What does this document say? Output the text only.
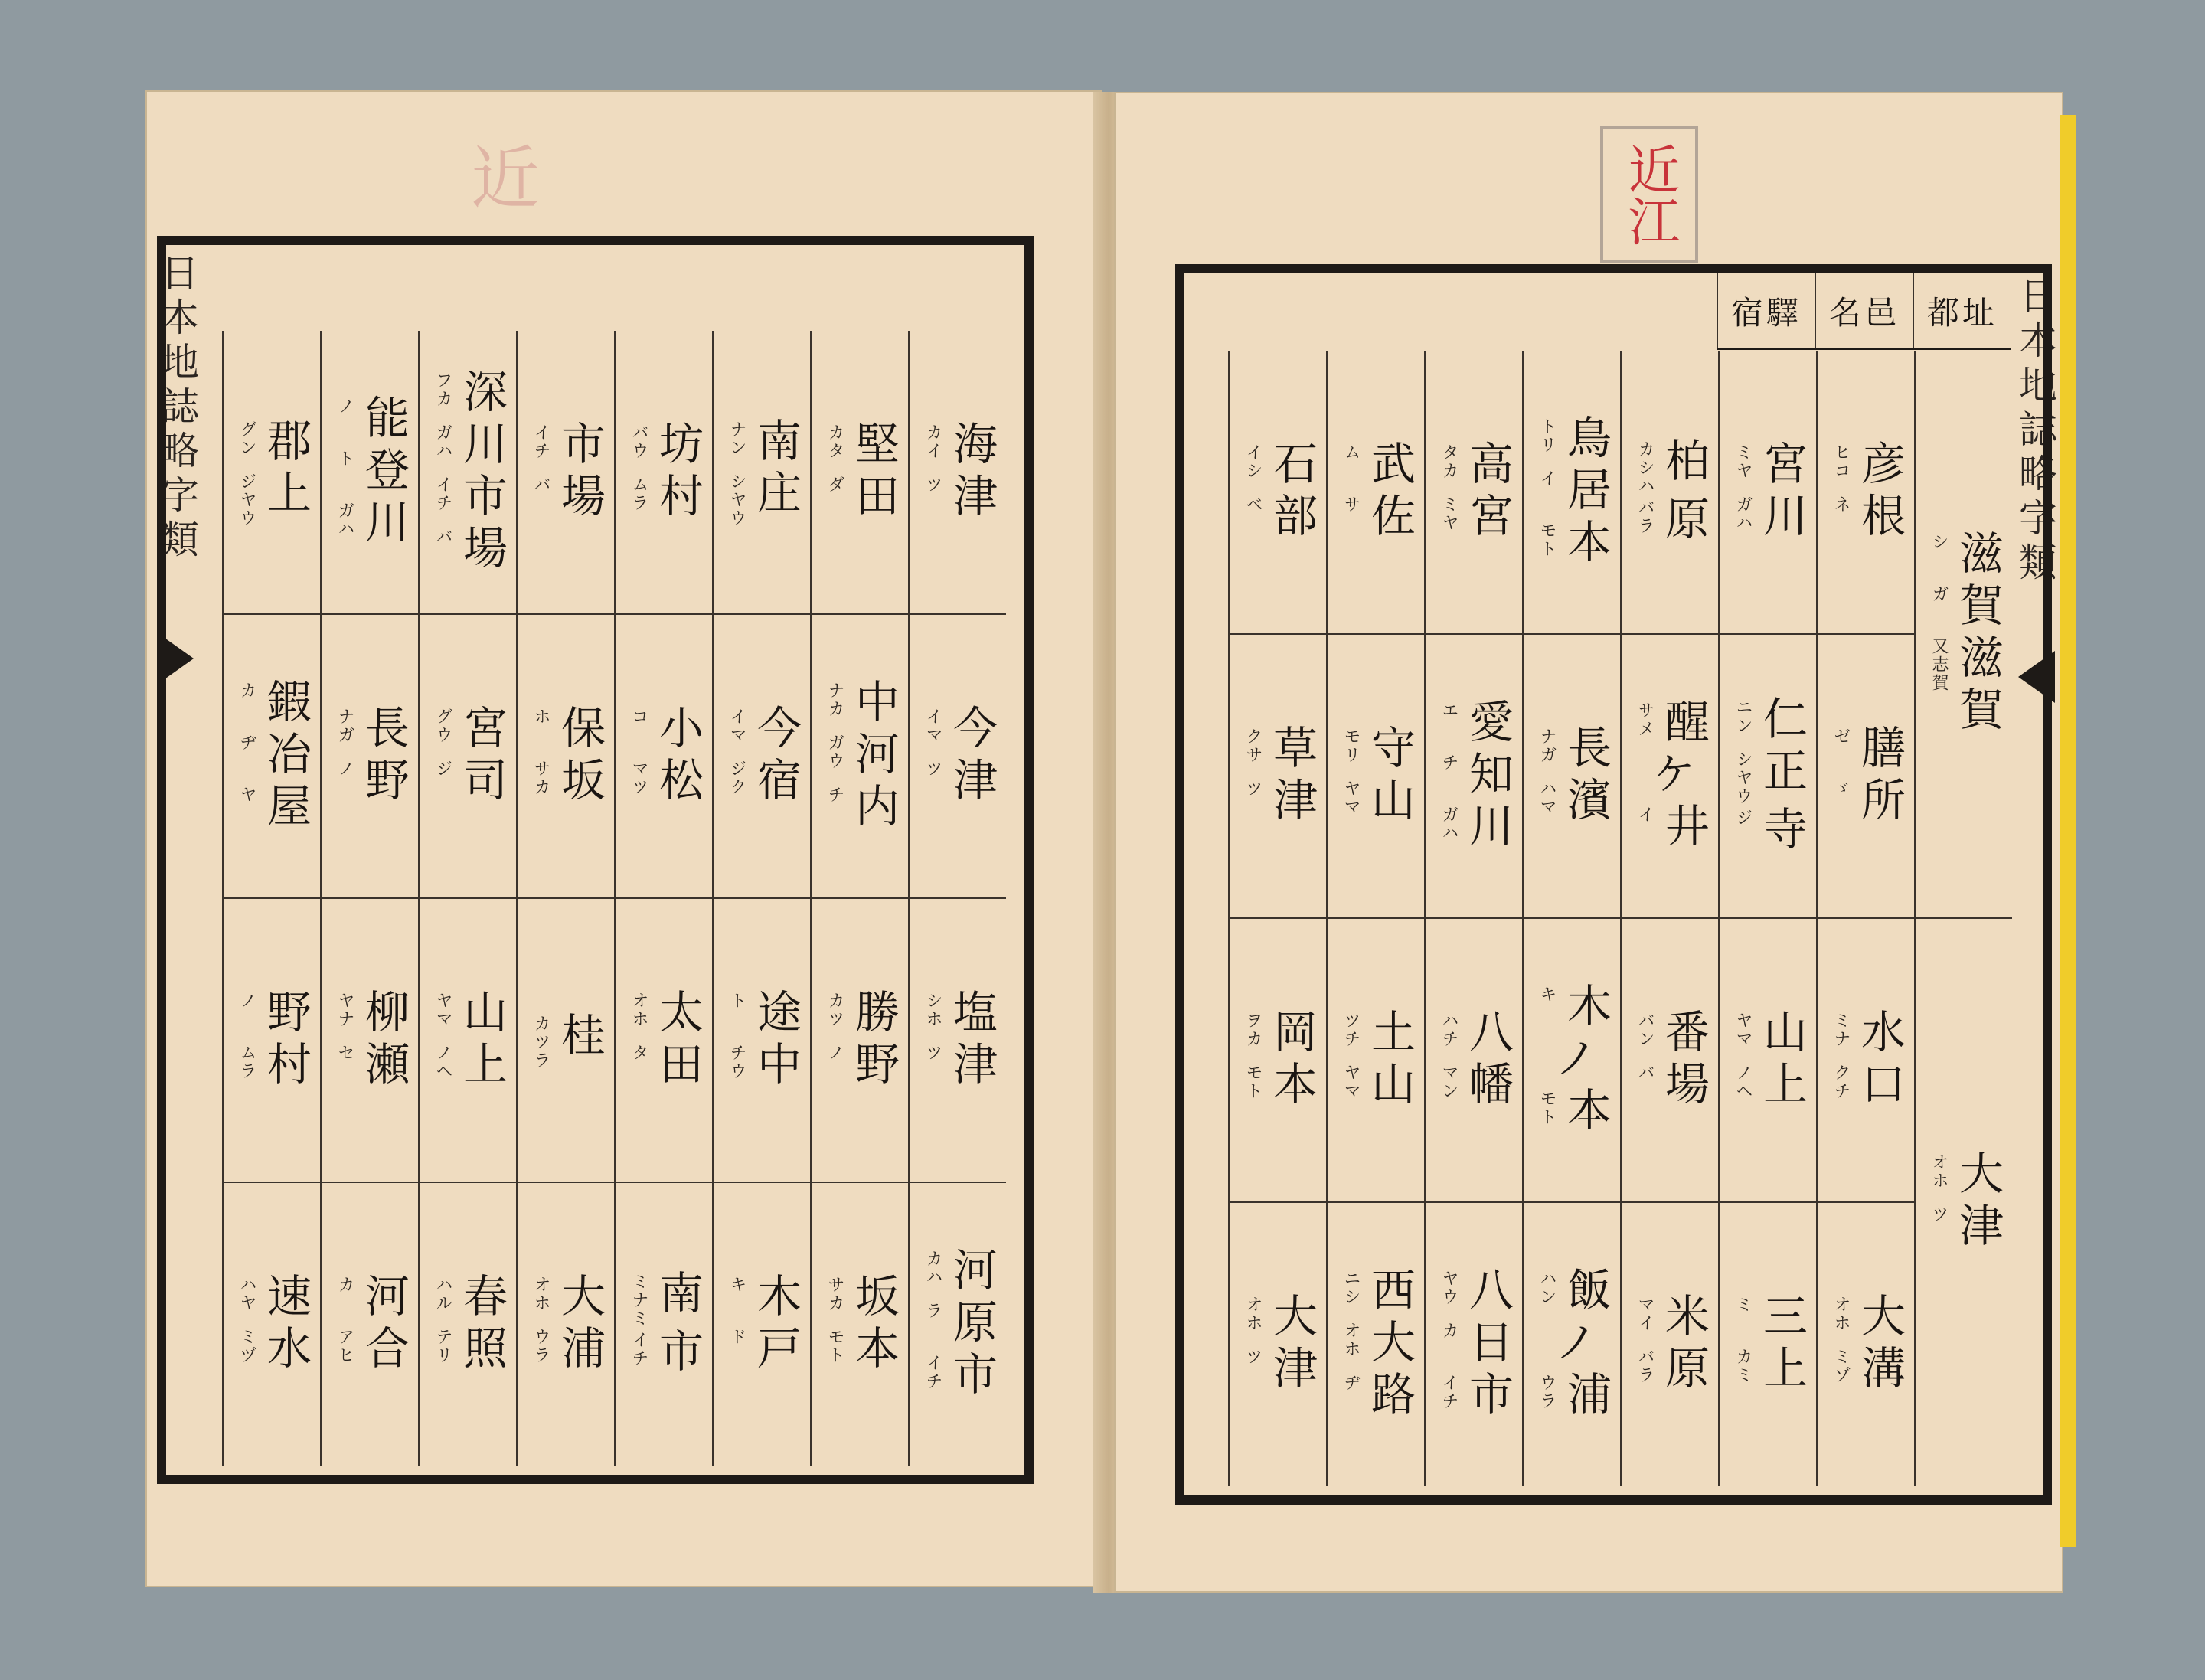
近	近江
日本地誌略字類	日本地誌略字類
都址
名邑
宿驛
海
カイ
津
ツ
今
イマ
津
ツ
塩
シホ
津
ツ
河
カハ
原
ラ
市
イチ
堅
カタ
田
ダ
中
ナカ
河
ガウ
内
チ
勝
カツ
野
ノ
坂
サカ
本
モト
南
ナン
庄
シヤウ
今
イマ
宿
ジク
途
ト
中
チウ
木
キ
戸
ド
坊
バウ
村
ムラ
小
コ
松
マツ
太
オホ
田
タ
南
ミナミ
市
イチ
市
イチ
場
バ
保
ホ
坂
サカ
桂
カツラ
大
オホ
浦
ウラ
深
フカ
川
ガハ
市
イチ
場
バ
宮
グウ
司
ジ
山
ヤマ
上
ノヘ
春
ハル
照
テリ
能
ノ
登
ト
川
ガハ
長
ナガ
野
ノ
柳
ヤナ
瀬
セ
河
カ
合
アヒ
郡
グン
上
ジヤウ
鍜
カ
冶
ヂ
屋
ヤ
野
ノ
村
ムラ
速
ハヤ
水
ミヅ
滋
シ
賀
ガ
滋賀
又志賀
大
オホ
津
ツ
彦
ヒコ
根
ネ
膳
ゼ
所
ゞ
水
ミナ
口
クチ
大
オホ
溝
ミゾ
宮
ミヤ
川
ガハ
仁
ニン
正
シヤウ
寺
ジ
山
ヤマ
上
ノヘ
三
ミ
上
カミ
柏
カシハ
原
バラ
醒
サメ
ケ
井
イ
番
バン
場
バ
米
マイ
原
バラ
鳥
トリ
居
イ
本
モト
長
ナガ
濱
ハマ
木
キ
ノ
本
モト
飯
ハン
ノ
浦
ウラ
高
タカ
宮
ミヤ
愛
エ
知
チ
川
ガハ
八
ハチ
幡
マン
八
ヤウ
日
カ
市
イチ
武
ム
佐
サ
守
モリ
山
ヤマ
土
ツチ
山
ヤマ
西
ニシ
大
オホ
路
ヂ
石
イシ
部
ベ
草
クサ
津
ツ
岡
ヲカ
本
モト
大
オホ
津
ツ
